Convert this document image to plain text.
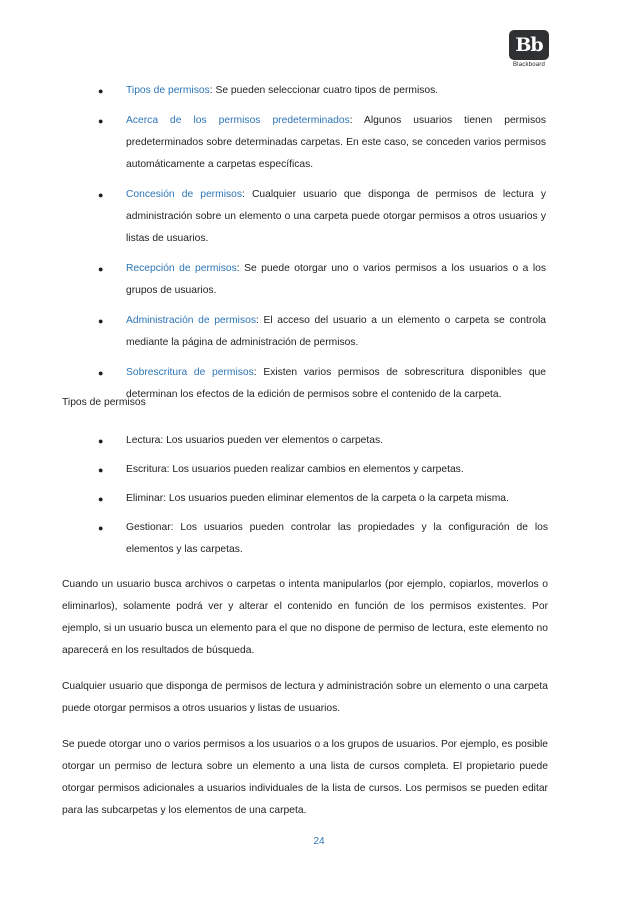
Bb
Blackboard
● Tipos de permisos: Se pueden seleccionar cuatro tipos de permisos.
● Acerca de los permisos predeterminados: Algunos usuarios tienen permisos predeterminados sobre determinadas carpetas. En este caso, se conceden varios permisos automáticamente a carpetas específicas.
● Concesión de permisos: Cualquier usuario que disponga de permisos de lectura y administración sobre un elemento o una carpeta puede otorgar permisos a otros usuarios y listas de usuarios.
● Recepción de permisos: Se puede otorgar uno o varios permisos a los usuarios o a los grupos de usuarios.
● Administración de permisos: El acceso del usuario a un elemento o carpeta se controla mediante la página de administración de permisos.
● Sobrescritura de permisos: Existen varios permisos de sobrescritura disponibles que determinan los efectos de la edición de permisos sobre el contenido de la carpeta.
Tipos de permisos
● Lectura: Los usuarios pueden ver elementos o carpetas.
● Escritura: Los usuarios pueden realizar cambios en elementos y carpetas.
● Eliminar: Los usuarios pueden eliminar elementos de la carpeta o la carpeta misma.
● Gestionar: Los usuarios pueden controlar las propiedades y la configuración de los elementos y las carpetas.

Cuando un usuario busca archivos o carpetas o intenta manipularlos (por ejemplo, copiarlos, moverlos o eliminarlos), solamente podrá ver y alterar el contenido en función de los permisos existentes. Por ejemplo, si un usuario busca un elemento para el que no dispone de permiso de lectura, este elemento no aparecerá en los resultados de búsqueda.

Cualquier usuario que disponga de permisos de lectura y administración sobre un elemento o una carpeta puede otorgar permisos a otros usuarios y listas de usuarios.

Se puede otorgar uno o varios permisos a los usuarios o a los grupos de usuarios. Por ejemplo, es posible otorgar un permiso de lectura sobre un elemento a una lista de cursos completa. El propietario puede otorgar permisos adicionales a usuarios individuales de la lista de cursos. Los permisos se pueden editar para las subcarpetas y los elementos de una carpeta.

24
